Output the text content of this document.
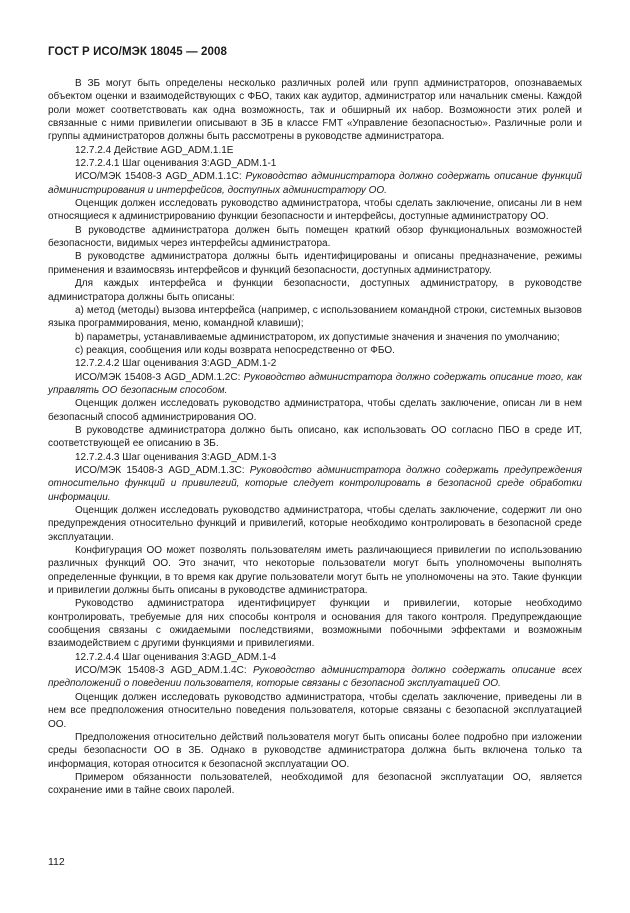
ГОСТ Р ИСО/МЭК 18045 — 2008

В ЗБ могут быть определены несколько различных ролей или групп администраторов, опознаваемых объектом оценки и взаимодействующих с ФБО, таких как аудитор, администратор или начальник смены. Каждой роли может соответствовать как одна возможность, так и обширный их набор. Возможности этих ролей и связанные с ними привилегии описывают в ЗБ в классе FMT «Управление безопасностью». Различные роли и группы администраторов должны быть рассмотрены в руководстве администратора.

12.7.2.4 Действие AGD_ADM.1.1E

12.7.2.4.1 Шаг оценивания 3:AGD_ADM.1-1

ИСО/МЭК 15408-3 AGD_ADM.1.1C: Руководство администратора должно содержать описание функций администрирования и интерфейсов, доступных администратору ОО.

Оценщик должен исследовать руководство администратора, чтобы сделать заключение, описаны ли в нем относящиеся к администрированию функции безопасности и интерфейсы, доступные администратору ОО.

В руководстве администратора должен быть помещен краткий обзор функциональных возможностей безопасности, видимых через интерфейсы администратора.

В руководстве администратора должны быть идентифицированы и описаны предназначение, режимы применения и взаимосвязь интерфейсов и функций безопасности, доступных администратору.

Для каждых интерфейса и функции безопасности, доступных администратору, в руководстве администратора должны быть описаны:

а) метод (методы) вызова интерфейса (например, с использованием командной строки, системных вызовов языка программирования, меню, командной клавиши);

b) параметры, устанавливаемые администратором, их допустимые значения и значения по умолчанию;

с) реакция, сообщения или коды возврата непосредственно от ФБО.

12.7.2.4.2 Шаг оценивания 3:AGD_ADM.1-2

ИСО/МЭК 15408-3 AGD_ADM.1.2C: Руководство администратора должно содержать описание того, как управлять ОО безопасным способом.

Оценщик должен исследовать руководство администратора, чтобы сделать заключение, описан ли в нем безопасный способ администрирования ОО.

В руководстве администратора должно быть описано, как использовать ОО согласно ПБО в среде ИТ, соответствующей ее описанию в ЗБ.

12.7.2.4.3 Шаг оценивания 3:AGD_ADM.1-3

ИСО/МЭК 15408-3 AGD_ADM.1.3C: Руководство администратора должно содержать предупреждения относительно функций и привилегий, которые следует контролировать в безопасной среде обработки информации.

Оценщик должен исследовать руководство администратора, чтобы сделать заключение, содержит ли оно предупреждения относительно функций и привилегий, которые необходимо контролировать в безопасной среде эксплуатации.

Конфигурация ОО может позволять пользователям иметь различающиеся привилегии по использованию различных функций ОО. Это значит, что некоторые пользователи могут быть уполномочены выполнять определенные функции, в то время как другие пользователи могут быть не уполномочены на это. Такие функции и привилегии должны быть описаны в руководстве администратора.

Руководство администратора идентифицирует функции и привилегии, которые необходимо контролировать, требуемые для них способы контроля и основания для такого контроля. Предупреждающие сообщения связаны с ожидаемыми последствиями, возможными побочными эффектами и возможным взаимодействием с другими функциями и привилегиями.

12.7.2.4.4 Шаг оценивания 3:AGD_ADM.1-4

ИСО/МЭК 15408-3 AGD_ADM.1.4C: Руководство администратора должно содержать описание всех предположений о поведении пользователя, которые связаны с безопасной эксплуатацией ОО.

Оценщик должен исследовать руководство администратора, чтобы сделать заключение, приведены ли в нем все предположения относительно поведения пользователя, которые связаны с безопасной эксплуатацией ОО.

Предположения относительно действий пользователя могут быть описаны более подробно при изложении среды безопасности ОО в ЗБ. Однако в руководстве администратора должна быть включена только та информация, которая относится к безопасной эксплуатации ОО.

Примером обязанности пользователей, необходимой для безопасной эксплуатации ОО, является сохранение ими в тайне своих паролей.

112
